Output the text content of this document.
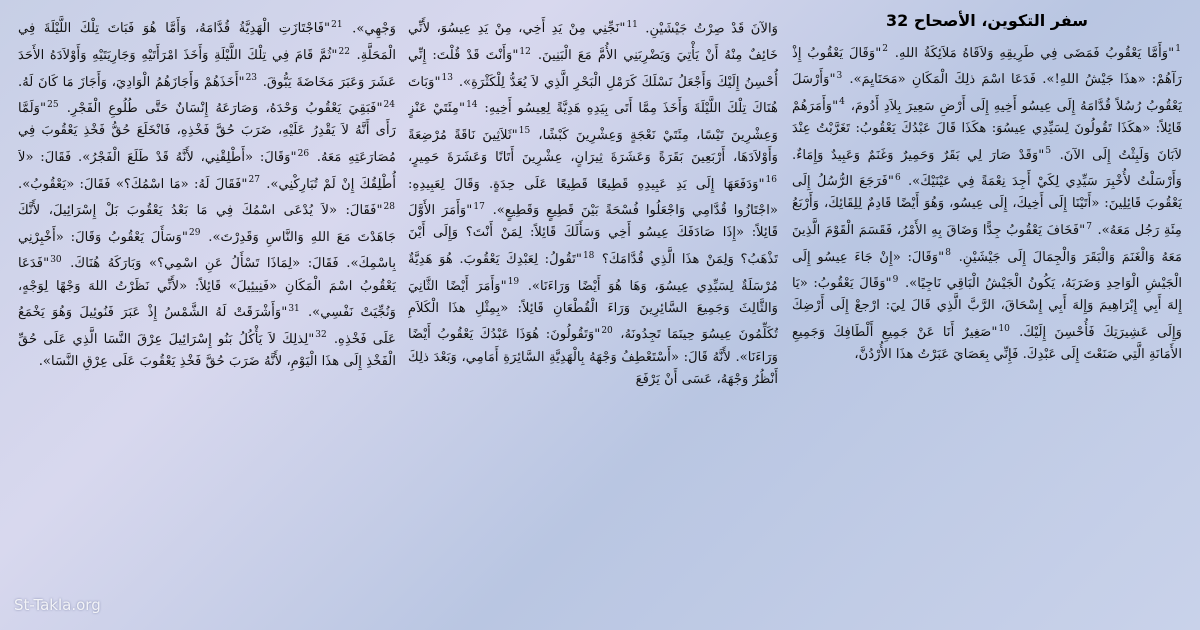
سفر التكوين، الأصحاح 32
$^1$"وَأَمَّا يَعْقُوبُ فَمَضَى فِي طَرِيقِهِ وَلاَقَاهُ مَلاَئِكَةُ اللهِ. $^2$"وَقَالَ يَعْقُوبُ إِذْ رَآهُمْ: «هذَا جَيْشُ اللهِ!». فَدَعَا اسْمَ ذلِكَ الْمَكَانِ «مَحَنَايِمَ». $^3$"وَأَرْسَلَ يَعْقُوبُ رُسُلاً قُدَّامَهُ إِلَى عِيسُو أَخِيهِ إِلَى أَرْضِ سَعِيرَ بِلاَدِ أَدُومَ، $^4$"وَأَمَرَهُمْ قَائِلاً: «هكَذَا تَقُولُونَ لِسَيِّدِي عِيسُوَ: هكَذَا قَالَ عَبْدُكَ يَعْقُوبُ: تَغَرَّبْتُ عِنْدَ لاَبَانَ وَلَبِثْتُ إِلَى الآنَ. $^5$"وَقَدْ صَارَ لِي بَقَرٌ وَحَمِيرٌ وَغَنَمٌ وَعَبِيدٌ وَإِمَاءٌ. وَأَرْسَلْتُ لأُخْبِرَ سَيِّدِي لِكَيْ أَجِدَ نِعْمَةً فِي عَيْنَيْكَ». $^6$"فَرَجَعَ الرُّسُلُ إِلَى يَعْقُوبَ قَائِلِينَ: «أَتَيْنَا إِلَى أَخِيكَ، إِلَى عِيسُو، وَهُوَ أَيْضًا قَادِمٌ لِلِقَائِكَ، وَأَرْبَعُ مِئَةِ رَجُل مَعَهُ». $^7$"فَخَافَ يَعْقُوبُ جِدًّا وَضَاقَ بِهِ الأَمْرُ، فَقَسَمَ الْقَوْمَ الَّذِينَ مَعَهُ وَالْغَنَمَ وَالْبَقَرَ وَالْجِمَالَ إِلَى جَيْشَيْنِ. $^8$"وَقَالَ: «إِنْ جَاءَ عِيسُو إِلَى الْجَيْشِ الْوَاحِدِ وَضَرَبَهُ، يَكُونُ الْجَيْشُ الْبَاقِي نَاجِيًا». $^9$"وَقَالَ يَعْقُوبُ: «يَا إِلهَ أَبِي إِبْرَاهِيمَ وَإِلهَ أَبِي إِسْحَاقَ، الرَّبَّ الَّذِي قَالَ لِيَ: ارْجعْ إِلَى أَرْضِكَ وَإِلَى عَشِيرَتِكَ فَأُحْسِنَ إِلَيْكَ. $^{10}$"صَغِيرٌ أَنَا عَنْ جَمِيعِ أَلْطَافِكَ وَجَمِيعِ الأَمَانَةِ الَّتِي صَنَعْتَ إِلَى عَبْدِكَ. فَإِنِّي بِعَصَايَ عَبَرْتُ هذَا الأُرْدُنَّ،
وَالآنَ قَدْ صِرْتُ جَيْشَيْنِ. $^{11}$"نَجِّنِي مِنْ يَدِ أَخِي، مِنْ يَدِ عِيسُوَ، لأَنِّي خَائِفٌ مِنْهُ أَنْ يَأْتِيَ وَيَضْرِبَنِي الأُمَّ مَعَ الْبَنِينَ. $^{12}$"وَأَنْتَ قَدْ قُلْتَ: إِنِّي أُحْسِنُ إِلَيْكَ وَأَجْعَلُ نَسْلَكَ كَرَمْلِ الْبَحْرِ الَّذِي لاَ يُعَدُّ لِلْكَثْرَةِ». $^{13}$"وَبَاتَ هُنَاكَ تِلْكَ اللَّيْلَةَ وَأَخَذَ مِمَّا أَتَى بِيَدِهِ هَدِيَّةً لِعِيسُو أَخِيهِ: $^{14}$"مِئَتَيْ عَنْزٍ وَعِشْرِينَ تَيْسًا، مِئَتَيْ نَعْجَةٍ وَعِشْرِينَ كَبْشًا، $^{15}$"ثَلاَثِينَ نَاقَةً مُرْضِعَةً وَأَوْلاَدَهَا، أَرْبَعِينَ بَقَرَةً وَعَشَرَةَ ثِيرَانٍ، عِشْرِينَ أَتَانًا وَعَشَرَةَ حَمِيرٍ، $^{16}$"وَدَفَعَهَا إِلَى يَدِ عَبِيدِهِ قَطِيعًا قَطِيعًا عَلَى حِدَةٍ. وَقَالَ لِعَبِيدِهِ: «اجْتَازُوا قُدَّامِي وَاجْعَلُوا فُسْحَةً بَيْنَ قَطِيعٍ وَقَطِيعٍ». $^{17}$"وَأَمَرَ الأَوَّلَ قَائِلاً: «إِذَا صَادَفَكَ عِيسُو أَخِي وَسَأَلَكَ قَائِلاً: لِمَنْ أَنْتَ؟ وَإِلَى أَيْنَ تَذْهَبُ؟ وَلِمَنْ هذَا الَّذِي قُدَّامَكَ؟ $^{18}$"تَقُولُ: لِعَبْدِكَ يَعْقُوبَ. هُوَ هَدِيَّةٌ مُرْسَلَةٌ لِسَيِّدِي عِيسُوَ، وَهَا هُوَ أَيْضًا وَرَاءَنَا». $^{19}$"وَأَمَرَ أَيْضًا الثَّانِيَ وَالثَّالِثَ وَجَمِيعَ السَّائِرِينَ وَرَاءَ الْقُطْعَانِ قَائِلاً: «بِمِثْلِ هذَا الْكَلاَمِ تُكَلِّمُونَ عِيسُوَ حِينَمَا تَجِدُونَهُ، $^{20}$"وَتَقُولُونَ: هُوَذَا عَبْدُكَ يَعْقُوبُ أَيْضًا وَرَاءَنَا». لأَنَّهُ قَالَ: «أَسْتَعْطِفُ وَجْهَهُ بِالْهَدِيَّةِ السَّائِرَةِ أَمَامِي، وَبَعْدَ ذلِكَ أَنْظُرُ وَجْهَهُ، عَسَى أَنْ يَرْفَعَ
وَجْهِي». $^{21}$"فَاجْتَازَتِ الْهَدِيَّةُ قُدَّامَهُ، وَأَمَّا هُوَ فَبَاتَ تِلْكَ اللَّيْلَةَ فِي الْمَحَلَّةِ. $^{22}$"ثُمَّ قَامَ فِي تِلْكَ اللَّيْلَةِ وَأَخَذَ امْرَأَتَيْهِ وَجَارِيَتَيْهِ وَأَوْلاَدَهُ الأَحَدَ عَشَرَ وَعَبَرَ مَخَاضَةَ يَبُّوقَ. $^{23}$"أَخَذَهُمْ وَأَجَازَهُمُ الْوَادِيَ، وَأَجَازَ مَا كَانَ لَهُ. $^{24}$"فَبَقِيَ يَعْقُوبُ وَحْدَهُ، وَصَارَعَهُ إِنْسَانٌ حَتَّى طُلُوعِ الْفَجْرِ. $^{25}$"وَلَمَّا رَأَى أَنَّهُ لاَ يَقْدِرُ عَلَيْهِ، ضَرَبَ حُقَّ فَخْذِهِ، فَانْخَلَعَ حُقُّ فَخْذِ يَعْقُوبَ فِي مُصَارَعَتِهِ مَعَهُ. $^{26}$"وَقَالَ: «أَطْلِقْنِي، لأَنَّهُ قَدْ طَلَعَ الْفَجْرُ». فَقَالَ: «لاَ أُطْلِقُكَ إِنْ لَمْ تُبَارِكْنِي». $^{27}$"فَقَالَ لَهُ: «مَا اسْمُكَ؟» فَقَالَ: «يَعْقُوبُ». $^{28}$"فَقَالَ: «لاَ يُدْعَى اسْمُكَ فِي مَا بَعْدُ يَعْقُوبَ بَلْ إِسْرَائِيلَ، لأَنَّكَ جَاهَدْتَ مَعَ اللهِ وَالنَّاسِ وَقَدِرْتَ». $^{29}$"وَسَأَلَ يَعْقُوبُ وَقَالَ: «أَخْبِرْنِي بِاسْمِكَ». فَقَالَ: «لِمَاذَا تَسْأَلُ عَنِ اسْمِي؟» وَبَارَكَهُ هُنَاكَ. $^{30}$"فَدَعَا يَعْقُوبُ اسْمَ الْمَكَانِ «فَنِيئِيلَ» قَائِلاً: «لأَنِّي نَظَرْتُ اللهَ وَجْهًا لِوَجْهٍ، وَنُجِّيَتْ نَفْسِي». $^{31}$"وَأَشْرَقَتْ لَهُ الشَّمْسُ إِذْ عَبَرَ فَنُوئِيلَ وَهُوَ يَخْمَعُ عَلَى فَخْذِهِ. $^{32}$"لِذلِكَ لاَ يَأْكُلُ بَنُو إِسْرَائِيلَ عِرْقَ النَّسَا الَّذِي عَلَى حُقِّ الْفَخْذِ إِلَى هذَا الْيَوْمِ، لأَنَّهُ ضَرَبَ حُقَّ فَخْذِ يَعْقُوبَ عَلَى عِرْقِ النَّسَا».
St-Takla.org
